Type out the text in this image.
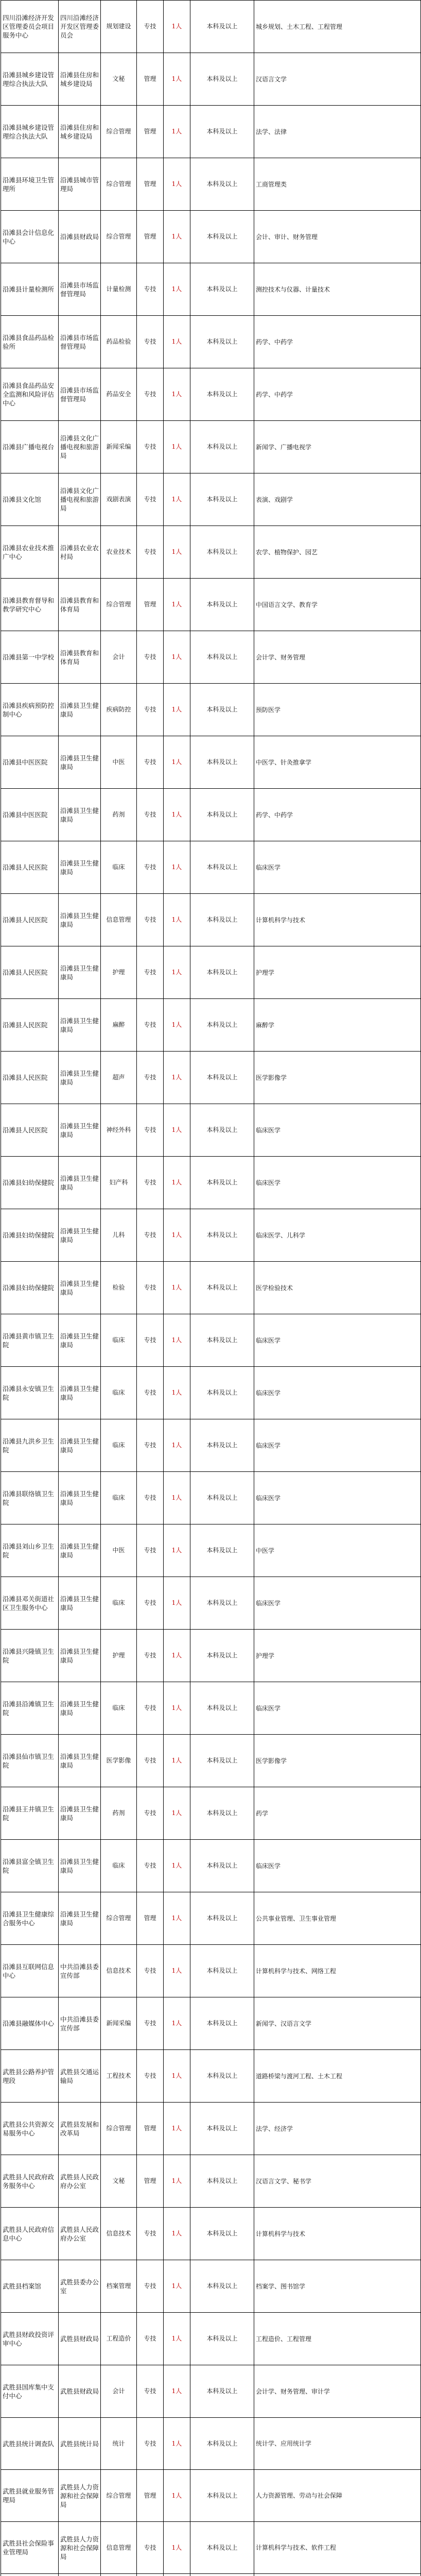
四川沿滩经济开发区管理委员会项目服务中心	四川沿滩经济开发区管理委员会	规划建设	专技	1人	本科及以上	城乡规划、土木工程、工程管理
沿滩县城乡建设管理综合执法大队	沿滩县住房和城乡建设局	文秘	管理	1人	本科及以上	汉语言文学
沿滩县城乡建设管理综合执法大队	沿滩县住房和城乡建设局	综合管理	管理	1人	本科及以上	法学、法律
沿滩县环境卫生管理所	沿滩县城市管理局	综合管理	管理	1人	本科及以上	工商管理类
沿滩县会计信息化中心	沿滩县财政局	综合管理	管理	1人	本科及以上	会计、审计、财务管理
沿滩县计量检测所	沿滩县市场监督管理局	计量检测	专技	1人	本科及以上	测控技术与仪器、计量技术
沿滩县食品药品检验所	沿滩县市场监督管理局	药品检验	专技	1人	本科及以上	药学、中药学
沿滩县食品药品安全监测和风险评估中心	沿滩县市场监督管理局	药品安全	专技	1人	本科及以上	药学、中药学
沿滩县广播电视台	沿滩县文化广播电视和旅游局	新闻采编	专技	1人	本科及以上	新闻学、广播电视学
沿滩县文化馆	沿滩县文化广播电视和旅游局	戏剧表演	专技	1人	本科及以上	表演、戏剧学
沿滩县农业技术推广中心	沿滩县农业农村局	农业技术	专技	1人	本科及以上	农学、植物保护、园艺
沿滩县教育督导和教学研究中心	沿滩县教育和体育局	综合管理	管理	1人	本科及以上	中国语言文学、教育学
沿滩县第一中学校	沿滩县教育和体育局	会计	专技	1人	本科及以上	会计学、财务管理
沿滩县疾病预防控制中心	沿滩县卫生健康局	疾病防控	专技	1人	本科及以上	预防医学
沿滩县中医医院	沿滩县卫生健康局	中医	专技	1人	本科及以上	中医学、针灸推拿学
沿滩县中医医院	沿滩县卫生健康局	药剂	专技	1人	本科及以上	药学、中药学
沿滩县人民医院	沿滩县卫生健康局	临床	专技	1人	本科及以上	临床医学
沿滩县人民医院	沿滩县卫生健康局	信息管理	专技	1人	本科及以上	计算机科学与技术
沿滩县人民医院	沿滩县卫生健康局	护理	专技	1人	本科及以上	护理学
沿滩县人民医院	沿滩县卫生健康局	麻醉	专技	1人	本科及以上	麻醉学
沿滩县人民医院	沿滩县卫生健康局	超声	专技	1人	本科及以上	医学影像学
沿滩县人民医院	沿滩县卫生健康局	神经外科	专技	1人	本科及以上	临床医学
沿滩县妇幼保健院	沿滩县卫生健康局	妇产科	专技	1人	本科及以上	临床医学
沿滩县妇幼保健院	沿滩县卫生健康局	儿科	专技	1人	本科及以上	临床医学、儿科学
沿滩县妇幼保健院	沿滩县卫生健康局	检验	专技	1人	本科及以上	医学检验技术
沿滩县黄市镇卫生院	沿滩县卫生健康局	临床	专技	1人	本科及以上	临床医学
沿滩县永安镇卫生院	沿滩县卫生健康局	临床	专技	1人	本科及以上	临床医学
沿滩县九洪乡卫生院	沿滩县卫生健康局	临床	专技	1人	本科及以上	临床医学
沿滩县联络镇卫生院	沿滩县卫生健康局	临床	专技	1人	本科及以上	临床医学
沿滩县刘山乡卫生院	沿滩县卫生健康局	中医	专技	1人	本科及以上	中医学
沿滩县邓关街道社区卫生服务中心	沿滩县卫生健康局	临床	专技	1人	本科及以上	临床医学
沿滩县兴隆镇卫生院	沿滩县卫生健康局	护理	专技	1人	本科及以上	护理学
沿滩县沿滩镇卫生院	沿滩县卫生健康局	临床	专技	1人	本科及以上	临床医学
沿滩县仙市镇卫生院	沿滩县卫生健康局	医学影像	专技	1人	本科及以上	医学影像学
沿滩县王井镇卫生院	沿滩县卫生健康局	药剂	专技	1人	本科及以上	药学
沿滩县富全镇卫生院	沿滩县卫生健康局	临床	专技	1人	本科及以上	临床医学
沿滩县卫生健康综合服务中心	沿滩县卫生健康局	综合管理	管理	1人	本科及以上	公共事业管理、卫生事业管理
沿滩县互联网信息中心	中共沿滩县委宣传部	信息技术	专技	1人	本科及以上	计算机科学与技术、网络工程
沿滩县融媒体中心	中共沿滩县委宣传部	新闻采编	专技	1人	本科及以上	新闻学、汉语言文学
武胜县公路养护管理段	武胜县交通运输局	工程技术	专技	1人	本科及以上	道路桥梁与渡河工程、土木工程
武胜县公共资源交易服务中心	武胜县发展和改革局	综合管理	管理	1人	本科及以上	法学、经济学
武胜县人民政府政务服务中心	武胜县人民政府办公室	文秘	管理	1人	本科及以上	汉语言文学、秘书学
武胜县人民政府信息中心	武胜县人民政府办公室	信息技术	专技	1人	本科及以上	计算机科学与技术
武胜县档案馆	武胜县委办公室	档案管理	专技	1人	本科及以上	档案学、图书馆学
武胜县财政投资评审中心	武胜县财政局	工程造价	专技	1人	本科及以上	工程造价、工程管理
武胜县国库集中支付中心	武胜县财政局	会计	专技	1人	本科及以上	会计学、财务管理、审计学
武胜县统计调查队	武胜县统计局	统计	专技	1人	本科及以上	统计学、应用统计学
武胜县就业服务管理局	武胜县人力资源和社会保障局	综合管理	管理	1人	本科及以上	人力资源管理、劳动与社会保障
武胜县社会保险事业管理局	武胜县人力资源和社会保障局	信息管理	专技	1人	本科及以上	计算机科学与技术、软件工程
